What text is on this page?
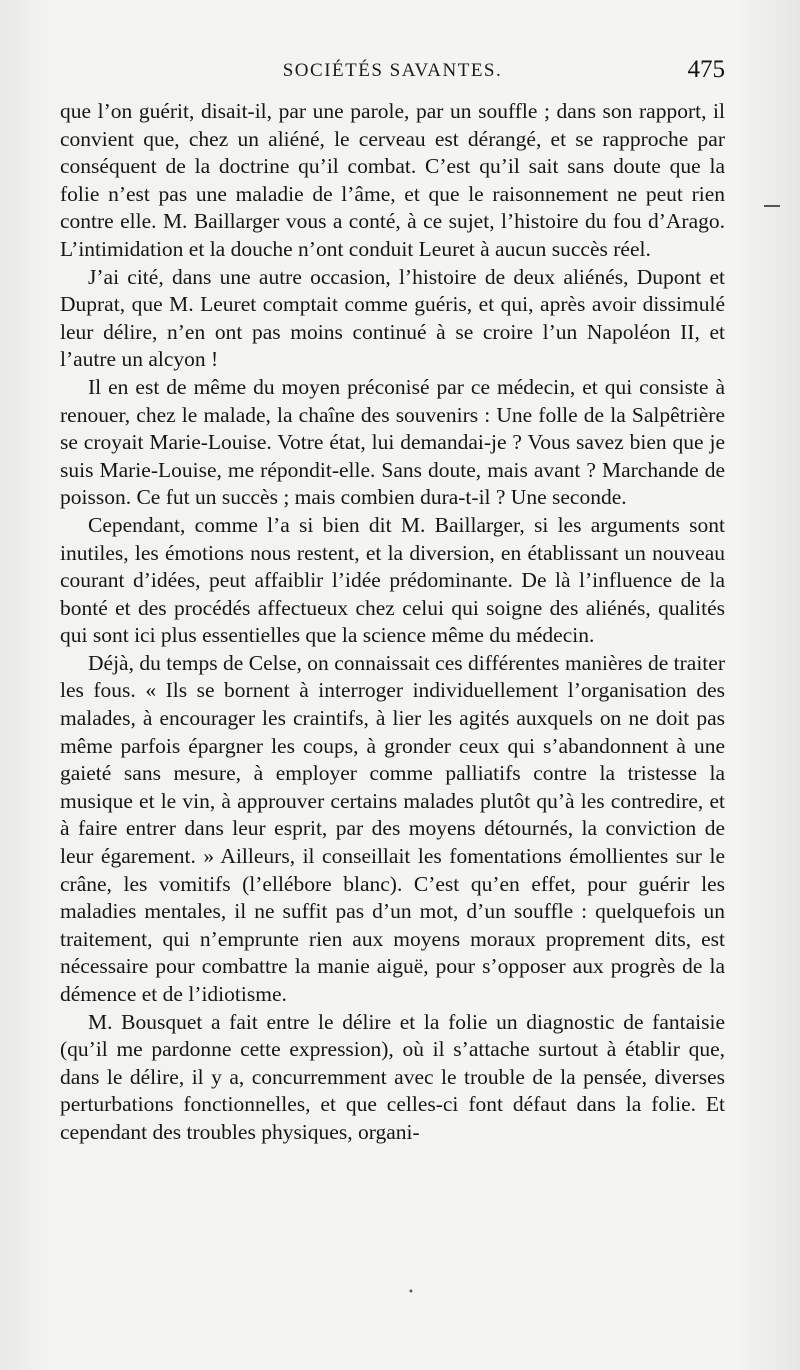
SOCIÉTÉS SAVANTES.	475

que l’on guérit, disait-il, par une parole, par un souffle ; dans son rapport, il convient que, chez un aliéné, le cerveau est dérangé, et se rapproche par conséquent de la doctrine qu’il combat. C’est qu’il sait sans doute que la folie n’est pas une maladie de l’âme, et que le raisonnement ne peut rien contre elle. M. Baillarger vous a conté, à ce sujet, l’histoire du fou d’Arago. L’intimidation et la douche n’ont conduit Leuret à aucun succès réel.

J’ai cité, dans une autre occasion, l’histoire de deux aliénés, Dupont et Duprat, que M. Leuret comptait comme guéris, et qui, après avoir dissimulé leur délire, n’en ont pas moins continué à se croire l’un Napoléon II, et l’autre un alcyon !

Il en est de même du moyen préconisé par ce médecin, et qui consiste à renouer, chez le malade, la chaîne des souvenirs : Une folle de la Salpêtrière se croyait Marie-Louise. Votre état, lui demandai-je ? Vous savez bien que je suis Marie-Louise, me répondit-elle. Sans doute, mais avant ? Marchande de poisson. Ce fut un succès ; mais combien dura-t-il ? Une seconde.

Cependant, comme l’a si bien dit M. Baillarger, si les arguments sont inutiles, les émotions nous restent, et la diversion, en établissant un nouveau courant d’idées, peut affaiblir l’idée prédominante. De là l’influence de la bonté et des procédés affectueux chez celui qui soigne des aliénés, qualités qui sont ici plus essentielles que la science même du médecin.

Déjà, du temps de Celse, on connaissait ces différentes manières de traiter les fous. « Ils se bornent à interroger individuellement l’organisation des malades, à encourager les craintifs, à lier les agités auxquels on ne doit pas même parfois épargner les coups, à gronder ceux qui s’abandonnent à une gaieté sans mesure, à employer comme palliatifs contre la tristesse la musique et le vin, à approuver certains malades plutôt qu’à les contredire, et à faire entrer dans leur esprit, par des moyens détournés, la conviction de leur égarement. » Ailleurs, il conseillait les fomentations émollientes sur le crâne, les vomitifs (l’ellébore blanc). C’est qu’en effet, pour guérir les maladies mentales, il ne suffit pas d’un mot, d’un souffle : quelquefois un traitement, qui n’emprunte rien aux moyens moraux proprement dits, est nécessaire pour combattre la manie aiguë, pour s’opposer aux progrès de la démence et de l’idiotisme.

M. Bousquet a fait entre le délire et la folie un diagnostic de fantaisie (qu’il me pardonne cette expression), où il s’attache surtout à établir que, dans le délire, il y a, concurremment avec le trouble de la pensée, diverses perturbations fonctionnelles, et que celles-ci font défaut dans la folie. Et cependant des troubles physiques, organi-

•
